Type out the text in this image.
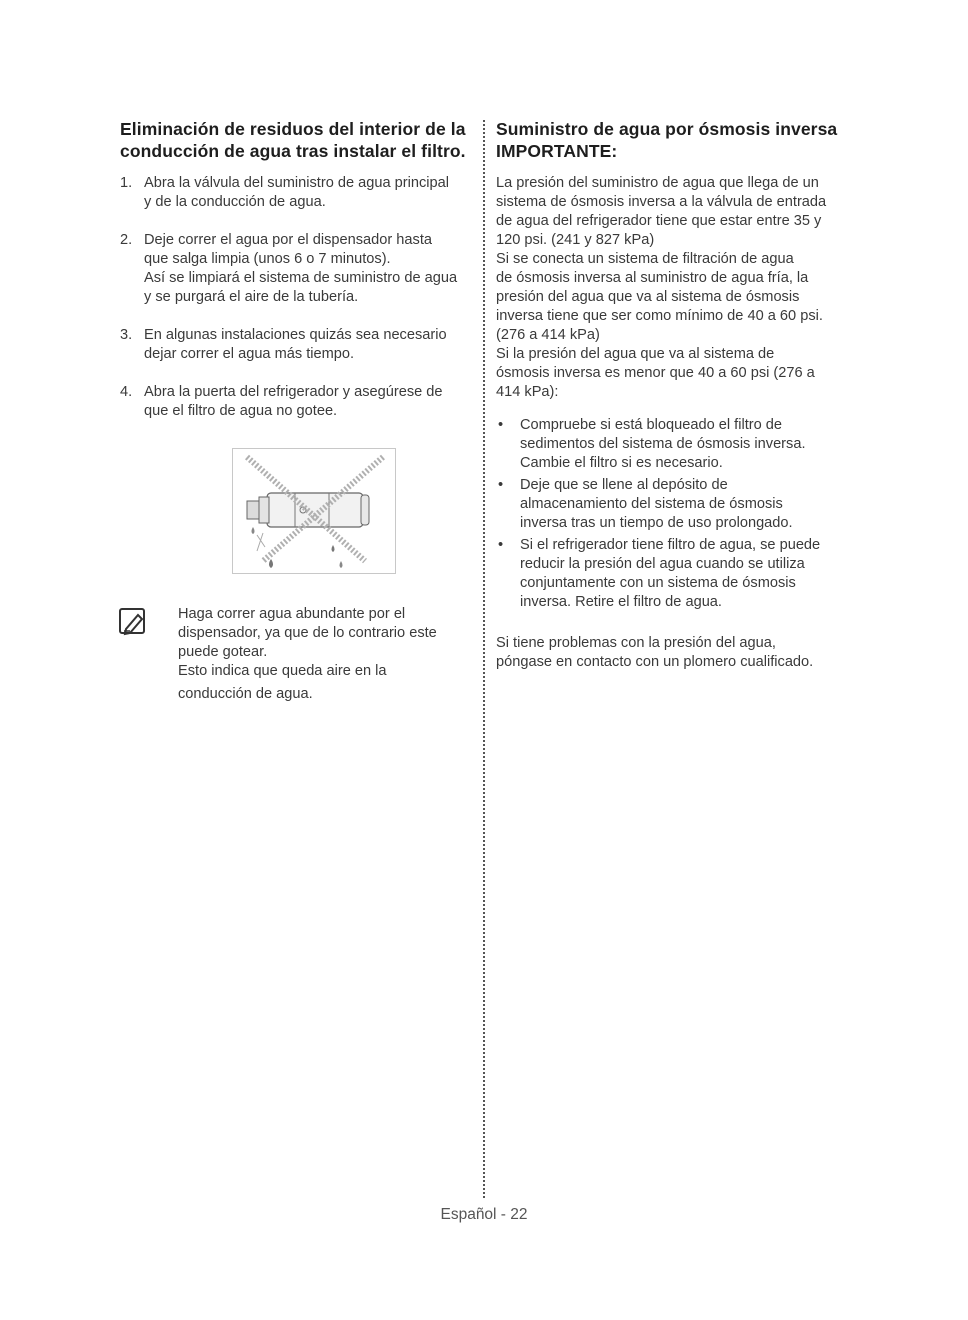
Eliminación de residuos del interior de la
conducción de agua tras instalar el filtro.
1. Abra la válvula del suministro de agua principal
y de la conducción de agua.
2. Deje correr el agua por el dispensador hasta
que salga limpia (unos 6 o 7 minutos).
Así se limpiará el sistema de suministro de agua
y se purgará el aire de la tubería.
3. En algunas instalaciones quizás sea necesario
dejar correr el agua más tiempo.
4. Abra la puerta del refrigerador y asegúrese de
que el filtro de agua no gotee.
Haga correr agua abundante por el
dispensador, ya que de lo contrario este
puede gotear.
Esto indica que queda aire en la
conducción de agua.
Suministro de agua por ósmosis inversa
IMPORTANTE:
La presión del suministro de agua que llega de un
sistema de ósmosis inversa a la válvula de entrada
de agua del refrigerador tiene que estar entre 35 y
120 psi. (241 y 827 kPa)
Si se conecta un sistema de filtración de agua
de ósmosis inversa al suministro de agua fría, la
presión del agua que va al sistema de ósmosis
inversa tiene que ser como mínimo de 40 a 60 psi.
(276 a 414 kPa)
Si la presión del agua que va al sistema de
ósmosis inversa es menor que 40 a 60 psi (276 a
414 kPa):
•	Compruebe si está bloqueado el filtro de
sedimentos del sistema de ósmosis inversa.
Cambie el filtro si es necesario.
•	Deje que se llene al depósito de
almacenamiento del sistema de ósmosis
inversa tras un tiempo de uso prolongado.
•	Si el refrigerador tiene filtro de agua, se puede
reducir la presión del agua cuando se utiliza
conjuntamente con un sistema de ósmosis
inversa. Retire el filtro de agua.
Si tiene problemas con la presión del agua,
póngase en contacto con un plomero cualificado.
Español - 22
